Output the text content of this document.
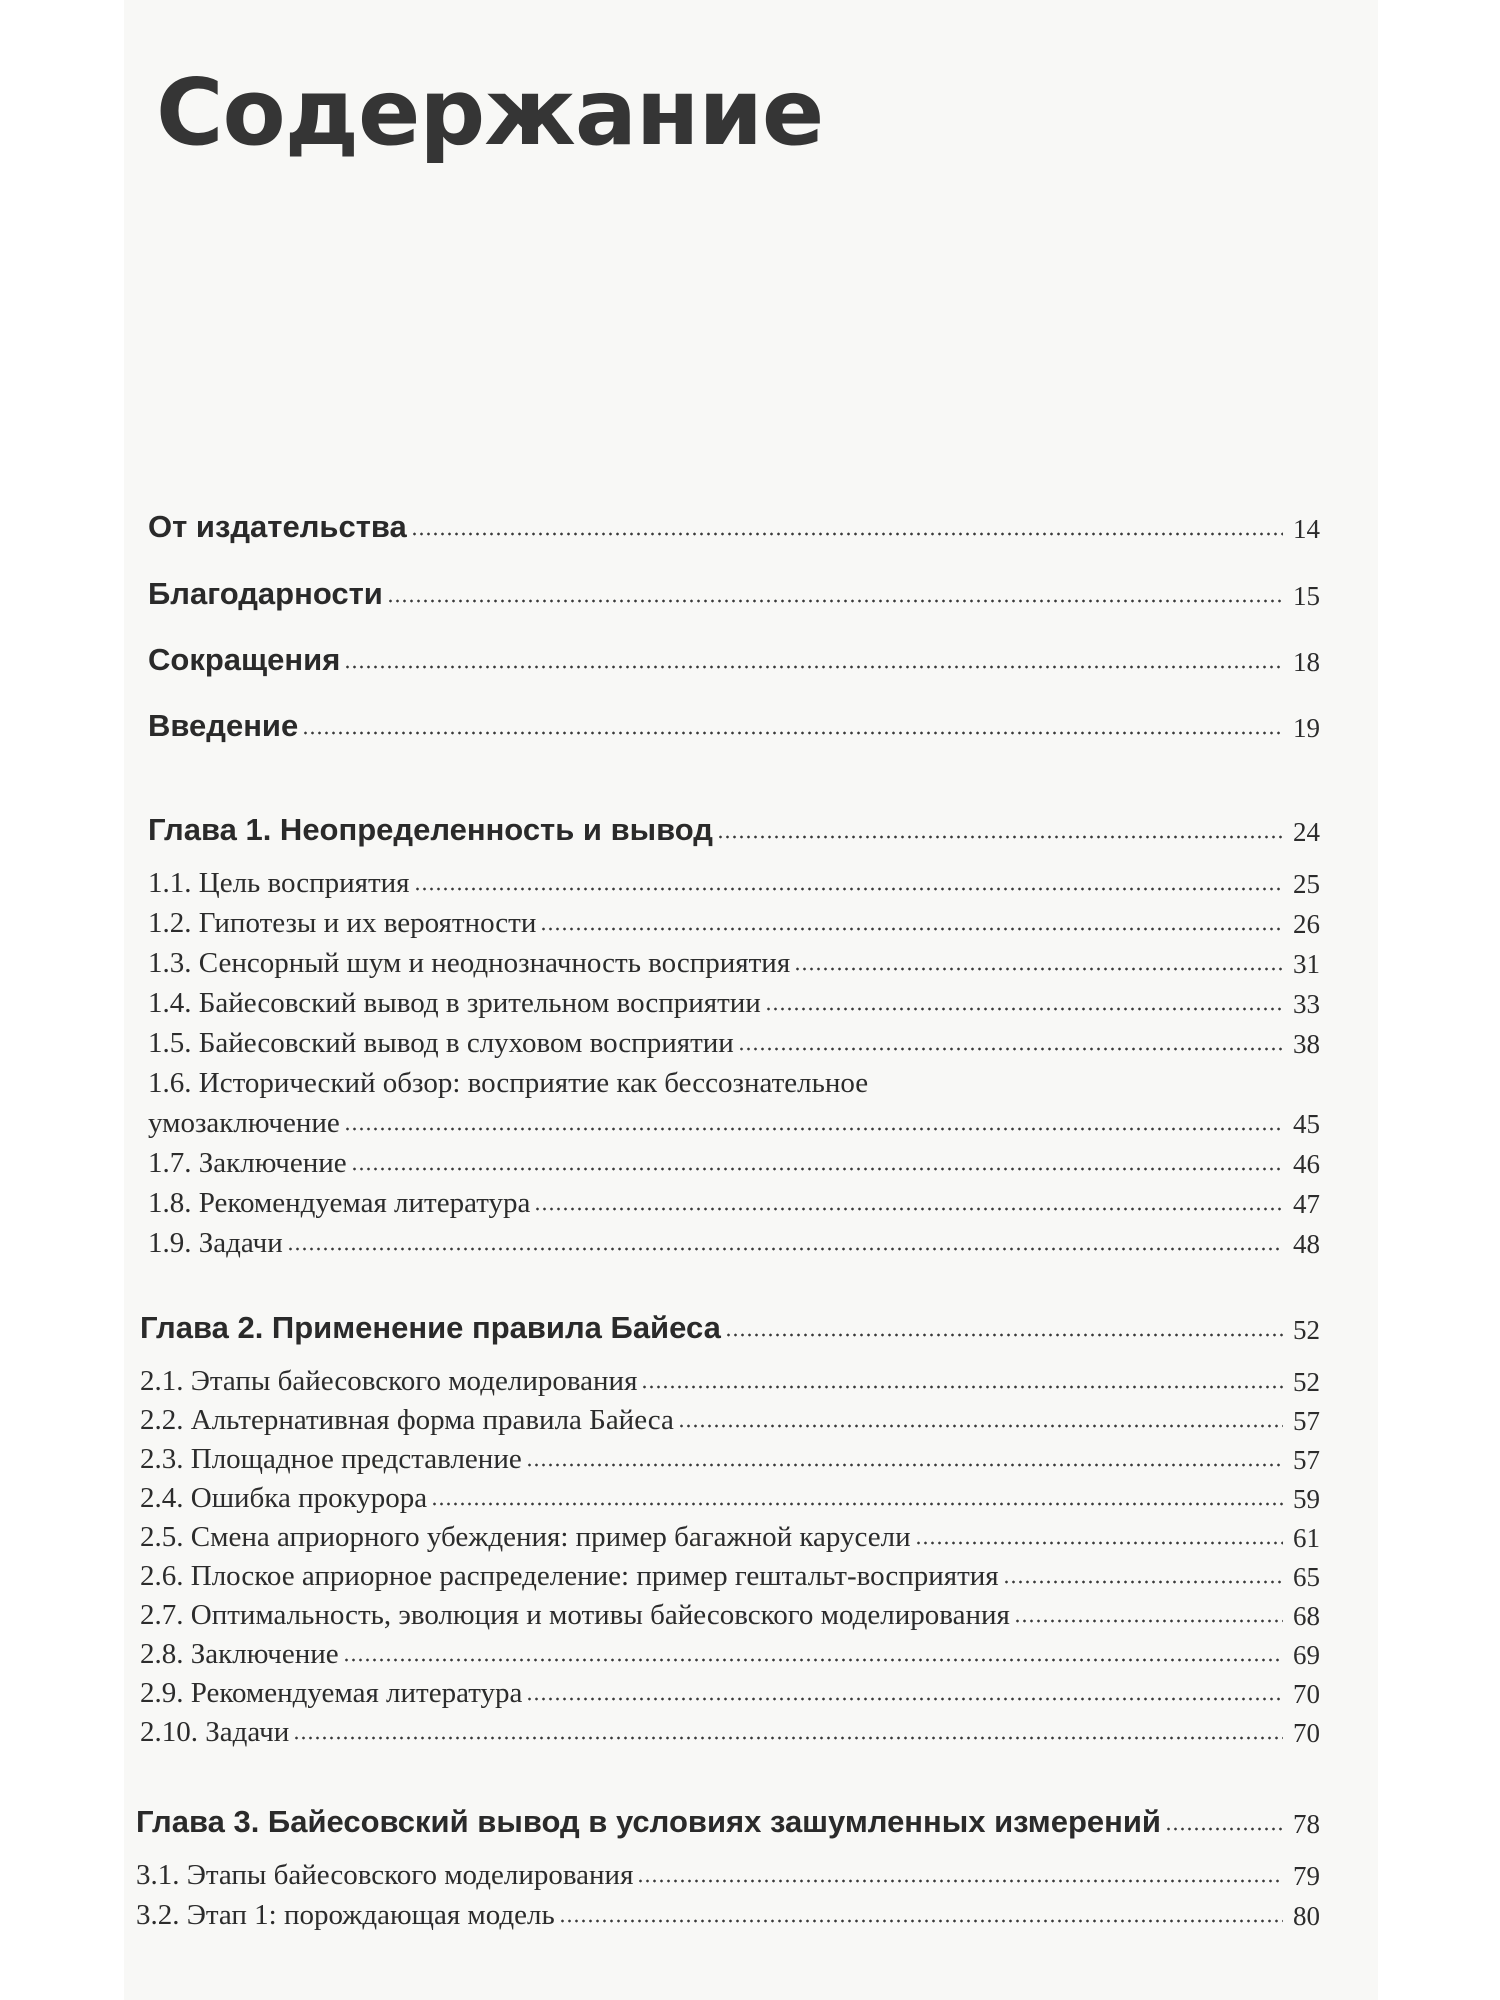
Содержание
От издательства	14
Благодарности	15
Сокращения	18
Введение	19
Глава 1. Неопределенность и вывод	24
1.1. Цель восприятия	25
1.2. Гипотезы и их вероятности	26
1.3. Сенсорный шум и неоднозначность восприятия	31
1.4. Байесовский вывод в зрительном восприятии	33
1.5. Байесовский вывод в слуховом восприятии	38
1.6. Исторический обзор: восприятие как бессознательное
умозаключение	45
1.7. Заключение	46
1.8. Рекомендуемая литература	47
1.9. Задачи	48
Глава 2. Применение правила Байеса	52
2.1. Этапы байесовского моделирования	52
2.2. Альтернативная форма правила Байеса	57
2.3. Площадное представление	57
2.4. Ошибка прокурора	59
2.5. Смена априорного убеждения: пример багажной карусели	61
2.6. Плоское априорное распределение: пример гештальт-восприятия	65
2.7. Оптимальность, эволюция и мотивы байесовского моделирования	68
2.8. Заключение	69
2.9. Рекомендуемая литература	70
2.10. Задачи	70
Глава 3. Байесовский вывод в условиях зашумленных измерений	78
3.1. Этапы байесовского моделирования	79
3.2. Этап 1: порождающая модель	80
